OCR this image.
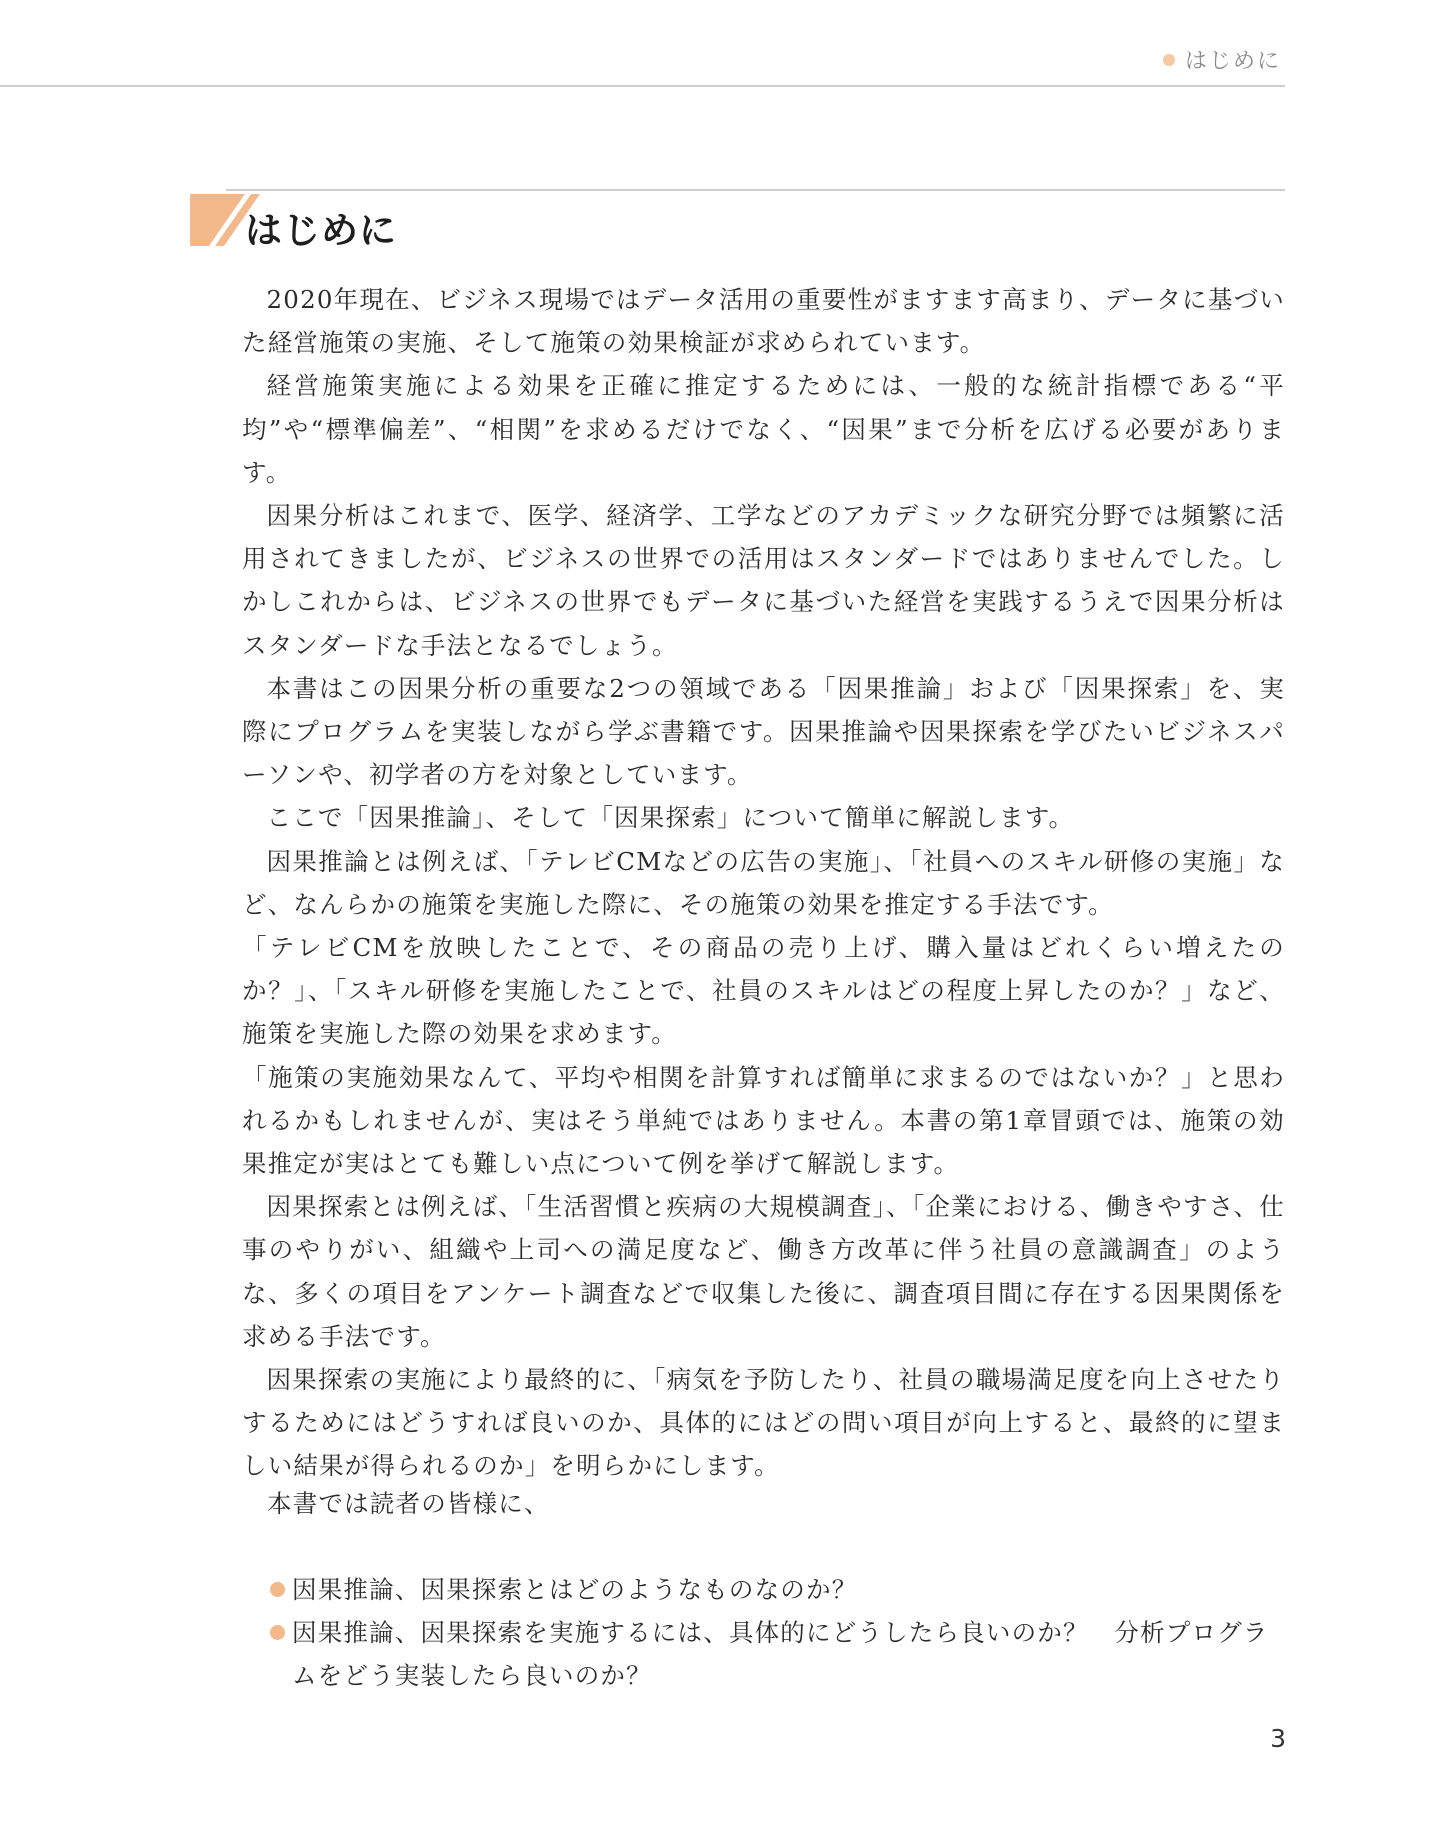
はじめに
はじめに

2020年現在、ビジネス現場ではデータ活用の重要性がますます高まり、データに基づいた経営施策の実施、そして施策の効果検証が求められています。

経営施策実施による効果を正確に推定するためには、一般的な統計指標である“平均”や“標準偏差”、“相関”を求めるだけでなく、“因果”まで分析を広げる必要があります。

因果分析はこれまで、医学、経済学、工学などのアカデミックな研究分野では頻繁に活用されてきましたが、ビジネスの世界での活用はスタンダードではありませんでした。しかしこれからは、ビジネスの世界でもデータに基づいた経営を実践するうえで因果分析はスタンダードな手法となるでしょう。

本書はこの因果分析の重要な2つの領域である「因果推論」および「因果探索」を、実際にプログラムを実装しながら学ぶ書籍です。因果推論や因果探索を学びたいビジネスパーソンや、初学者の方を対象としています。

ここで「因果推論」、そして「因果探索」について簡単に解説します。

因果推論とは例えば、「テレビCMなどの広告の実施」、「社員へのスキル研修の実施」など、なんらかの施策を実施した際に、その施策の効果を推定する手法です。

「テレビCMを放映したことで、その商品の売り上げ、購入量はどれくらい増えたのか？」、「スキル研修を実施したことで、社員のスキルはどの程度上昇したのか？」など、施策を実施した際の効果を求めます。

「施策の実施効果なんて、平均や相関を計算すれば簡単に求まるのではないか？」と思われるかもしれませんが、実はそう単純ではありません。本書の第1章冒頭では、施策の効果推定が実はとても難しい点について例を挙げて解説します。

因果探索とは例えば、「生活習慣と疾病の大規模調査」、「企業における、働きやすさ、仕事のやりがい、組織や上司への満足度など、働き方改革に伴う社員の意識調査」のような、多くの項目をアンケート調査などで収集した後に、調査項目間に存在する因果関係を求める手法です。

因果探索の実施により最終的に、「病気を予防したり、社員の職場満足度を向上させたりするためにはどうすれば良いのか、具体的にはどの問い項目が向上すると、最終的に望ましい結果が得られるのか」を明らかにします。

本書では読者の皆様に、

因果推論、因果探索とはどのようなものなのか？
因果推論、因果探索を実施するには、具体的にどうしたら良いのか？　分析プログラムをどう実装したら良いのか？
3
